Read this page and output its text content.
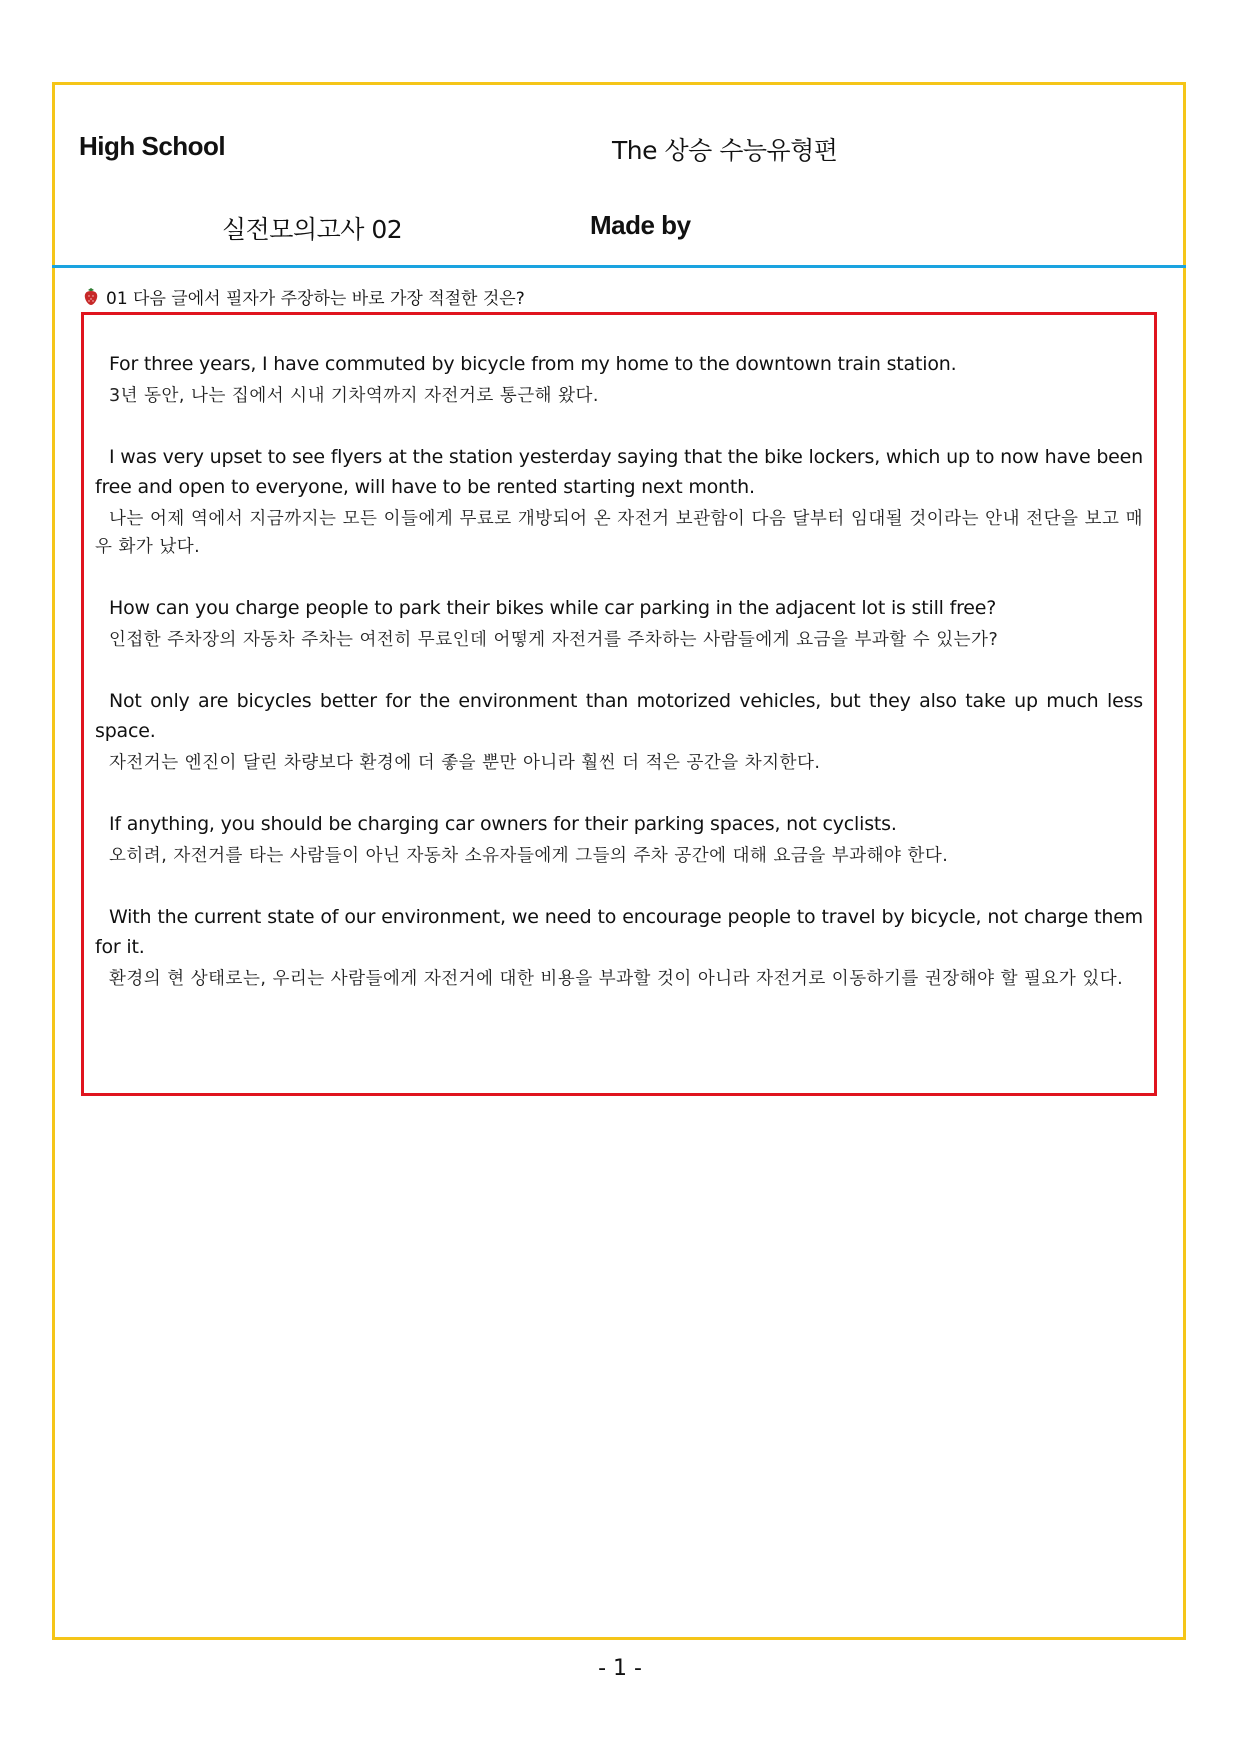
High School	The 상승 수능유형편
실전모의고사 02	Made by
01 다음 글에서 필자가 주장하는 바로 가장 적절한 것은?
For three years, I have commuted by bicycle from my home to the downtown train station.
3년 동안, 나는 집에서 시내 기차역까지 자전거로 통근해 왔다.
I was very upset to see flyers at the station yesterday saying that the bike lockers, which up to now have been free and open to everyone, will have to be rented starting next month.
나는 어제 역에서 지금까지는 모든 이들에게 무료로 개방되어 온 자전거 보관함이 다음 달부터 임대될 것이라는 안내 전단을 보고 매우 화가 났다.
How can you charge people to park their bikes while car parking in the adjacent lot is still free?
인접한 주차장의 자동차 주차는 여전히 무료인데 어떻게 자전거를 주차하는 사람들에게 요금을 부과할 수 있는가?
Not only are bicycles better for the environment than motorized vehicles, but they also take up much less space.
자전거는 엔진이 달린 차량보다 환경에 더 좋을 뿐만 아니라 훨씬 더 적은 공간을 차지한다.
If anything, you should be charging car owners for their parking spaces, not cyclists.
오히려, 자전거를 타는 사람들이 아닌 자동차 소유자들에게 그들의 주차 공간에 대해 요금을 부과해야 한다.
With the current state of our environment, we need to encourage people to travel by bicycle, not charge them for it.
환경의 현 상태로는, 우리는 사람들에게 자전거에 대한 비용을 부과할 것이 아니라 자전거로 이동하기를 권장해야 할 필요가 있다.
- 1 -
